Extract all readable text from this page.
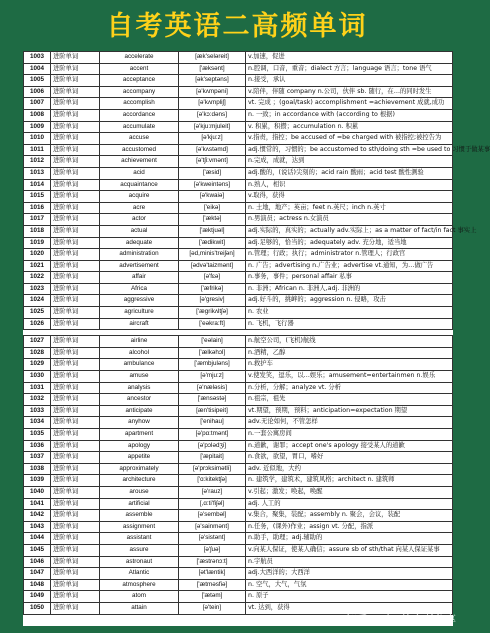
自考英语二高频单词
1003	进阶单词	accelerate	[æk'seləreit]	v.加速，促进
1004	进阶单词	accent	['æksənt]	n.腔调，口音，重音；dialect 方言；language 语言；tone 语气
1005	进阶单词	acceptance	[ək'septəns]	n.接受，承认
1006	进阶单词	accompany	[ə'kʌmpəni]	v.陪伴，伴随 company n.公司，伙伴 sb. 随行，在…的同时发生
1007	进阶单词	accomplish	[ə'kʌmpliʃ]	vt. 完成 ；(goal/task) accomplishment =achievement 成就,成功
1008	进阶单词	accordance	[ə'kɔ:dəns]	n. 一致；in accordance with (according to 根据)
1009	进阶单词	accumulate	[ə'kju:mjuleit]	v. 积累，积攒；accumulation n. 积累
1010	进阶单词	accuse	[ə'kju:z]	v.指责，指控；be accused of =be charged with 被指控;被控告为
1011	进阶单词	accustomed	[ə'kʌstəmd]	adj.惯常的，习惯的；be accustomed to sth/doing sth =be used to 习惯于做某事
1012	进阶单词	achievement	[ə'tʃi:vmənt]	n.完成，成就，达到
1013	进阶单词	acid	['æsid]	adj.酸的，(说话)尖刻的；acid rain 酸雨；acid test 酸性测验
1014	进阶单词	acquaintance	[ə'kweintəns]	n.熟人，相识
1015	进阶单词	acquire	[ə'kwaiə]	v.取得，获得
1016	进阶单词	acre	['eikə]	n. 土地，地产；英亩；feet n.英尺；inch n.英寸
1017	进阶单词	actor	['æktə]	n.男演员；actress n.女演员
1018	进阶单词	actual	['æktjuəl]	adj.实际的，真实的；actually adv.实际上；as a matter of fact/in fact 事实上
1019	进阶单词	adequate	['ædikwit]	adj.足够的，恰当的；adequately adv. 充分地，适当地
1020	进阶单词	administration	[əd,minis'treiʃən]	n.管理；行政；执行；administrator n.管理人；行政官
1021	进阶单词	advertisement	[ədvə'taizmənt]	n. 广告；advertising n.广告业；advertise vt.通知，为…做广告
1022	进阶单词	affair	[ə'fɛə]	n.事务，事件；personal affair 私事
1023	进阶单词	Africa	['æfrikə]	n. 非洲；African n. 非洲人,adj. 非洲的
1024	进阶单词	aggressive	[ə'gresiv]	adj.好斗的，挑衅的；aggression n. 侵略，攻击
1025	进阶单词	agriculture	['ægrikʌltʃə]	n. 农业
1026	进阶单词	aircraft	['eəkra:ft]	n. 飞机，飞行器

1027	进阶单词	airline	['eəlain]	n.航空公司，(飞机)航线
1028	进阶单词	alcohol	['ælkəhɔl]	n.酒精，乙醇
1029	进阶单词	ambulance	['æmbjuləns]	n.救护车
1030	进阶单词	amuse	[ə'mju:z]	v.使发笑，逗乐，以…娱乐；amusement=entertainmen n.娱乐
1031	进阶单词	analysis	[ə'næləsis]	n.分析，分解；analyze vt. 分析
1032	进阶单词	ancestor	['ænsəstə]	n.祖宗，祖先
1033	进阶单词	anticipate	[æn'tisipeit]	vt.期望，预期，预料；anticipation=expectation 期望
1034	进阶单词	anyhow	['enihau]	adv.无论如何，不管怎样
1035	进阶单词	apartment	[ə'pɑ:tmənt]	n.一套公寓房间
1036	进阶单词	apology	[ə'pɔlədʒi]	n.道歉，谢罪；accept one's apology 接受某人的道歉
1037	进阶单词	appetite	['æpitait]	n.食欲，欲望，胃口，嗜好
1038	进阶单词	approximately	[ə'prɔksimətli]	adv. 近似地，大约
1039	进阶单词	architecture	['ɑ:kitektʃə]	n. 建筑学，建筑术，建筑风格；architect n. 建筑师
1040	进阶单词	arouse	[ə'rauz]	v.引起；激发；唤起，唤醒
1041	进阶单词	artificial	[,ɑ:ti'fiʃəl]	adj. 人工的
1042	进阶单词	assemble	[ə'sembəl]	v.集合，聚集，装配；assembly n. 聚会，会议，装配
1043	进阶单词	assignment	[ə'sainmənt]	n.任务，(课外)作业；assign vt. 分配，指派
1044	进阶单词	assistant	[ə'sistənt]	n.助手，助理；adj.辅助的
1045	进阶单词	assure	[ə'ʃuə]	v.向某人保证，使某人确信；assure sb of sth/that 向某人保证某事
1046	进阶单词	astronaut	['æstrənɔ:t]	n.宇航员
1047	进阶单词	Atlantic	[ət'læntik]	adj.大西洋的；大西洋
1048	进阶单词	atmosphere	['ætməsfiə]	n. 空气，大气，气氛
1049	进阶单词	atom	['ætəm]	n. 原子
1050	进阶单词	attain	[ə'tein]	vt. 达到，获得
知乎 @小Z的自考分享
